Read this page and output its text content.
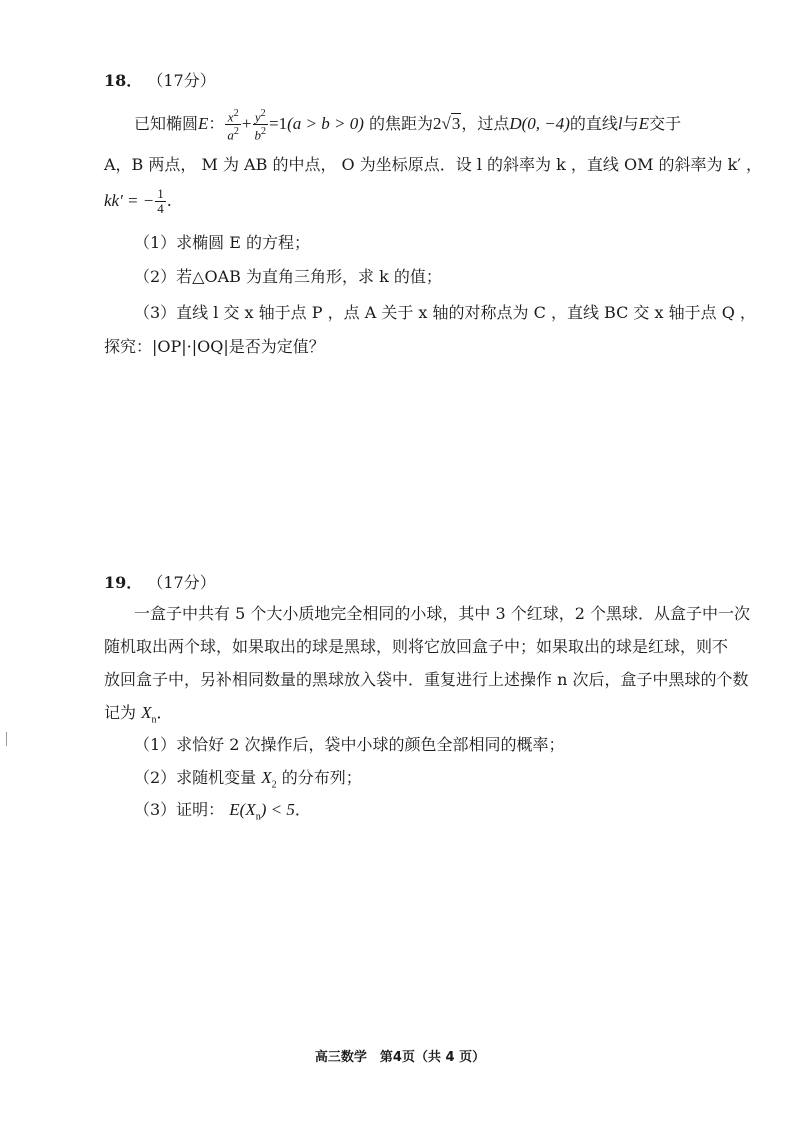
18． （17分）
已知椭圆E： $\frac{x^2}{a^2} + \frac{y^2}{b^2} =1(a > b > 0)$ 的焦距为2√3，过点D(0, −4)的直线l与E交于
A，B 两点， M 为 AB 的中点， O 为坐标原点．设 l 的斜率为 k ，直线 OM 的斜率为 k′ ，
kk′ = − $\frac{1}{4}$ .
（1）求椭圆 E 的方程；
（2）若△OAB 为直角三角形，求 k 的值；
（3）直线 l 交 x 轴于点 P ，点 A 关于 x 轴的对称点为 C ，直线 BC 交 x 轴于点 Q ，
探究：|OP|·|OQ|是否为定值？
19． （17分）
一盒子中共有 5 个大小质地完全相同的小球，其中 3 个红球，2 个黑球．从盒子中一次
随机取出两个球，如果取出的球是黑球，则将它放回盒子中；如果取出的球是红球，则不
放回盒子中，另补相同数量的黑球放入袋中．重复进行上述操作 n 次后，盒子中黑球的个数
记为 $X_n$．
（1）求恰好 2 次操作后，袋中小球的颜色全部相同的概率；
（2）求随机变量 $X_2$ 的分布列；
（3）证明： $E(X_n) < 5$．
高三数学　第4页（共 4 页）
